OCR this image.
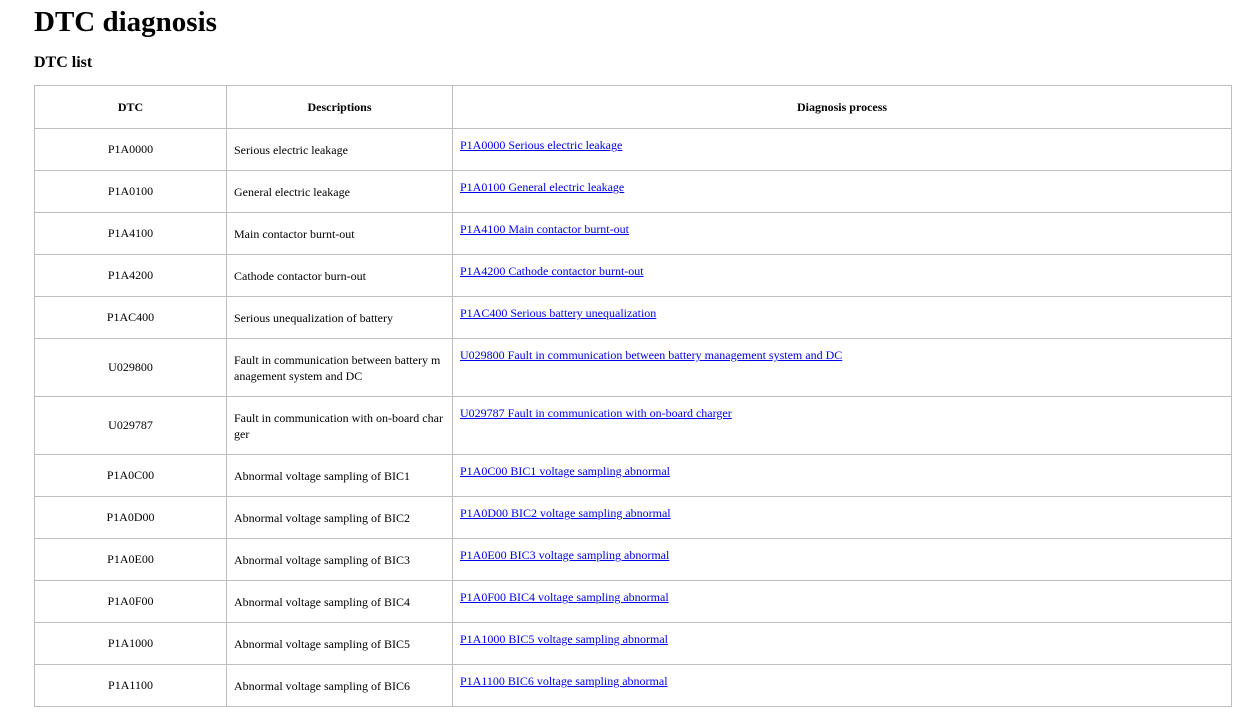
DTC diagnosis
DTC list
DTC	Descriptions	Diagnosis process
P1A0000	Serious electric leakage	P1A0000 Serious electric leakage
P1A0100	General electric leakage	P1A0100 General electric leakage
P1A4100	Main contactor burnt-out	P1A4100 Main contactor burnt-out
P1A4200	Cathode contactor burn-out	P1A4200 Cathode contactor burnt-out
P1AC400	Serious unequalization of battery	P1AC400 Serious battery unequalization
U029800	Fault in communication between battery management system and DC	U029800 Fault in communication between battery management system and DC
U029787	Fault in communication with on-board charger	U029787 Fault in communication with on-board charger
P1A0C00	Abnormal voltage sampling of BIC1	P1A0C00 BIC1 voltage sampling abnormal
P1A0D00	Abnormal voltage sampling of BIC2	P1A0D00 BIC2 voltage sampling abnormal
P1A0E00	Abnormal voltage sampling of BIC3	P1A0E00 BIC3 voltage sampling abnormal
P1A0F00	Abnormal voltage sampling of BIC4	P1A0F00 BIC4 voltage sampling abnormal
P1A1000	Abnormal voltage sampling of BIC5	P1A1000 BIC5 voltage sampling abnormal
P1A1100	Abnormal voltage sampling of BIC6	P1A1100 BIC6 voltage sampling abnormal
